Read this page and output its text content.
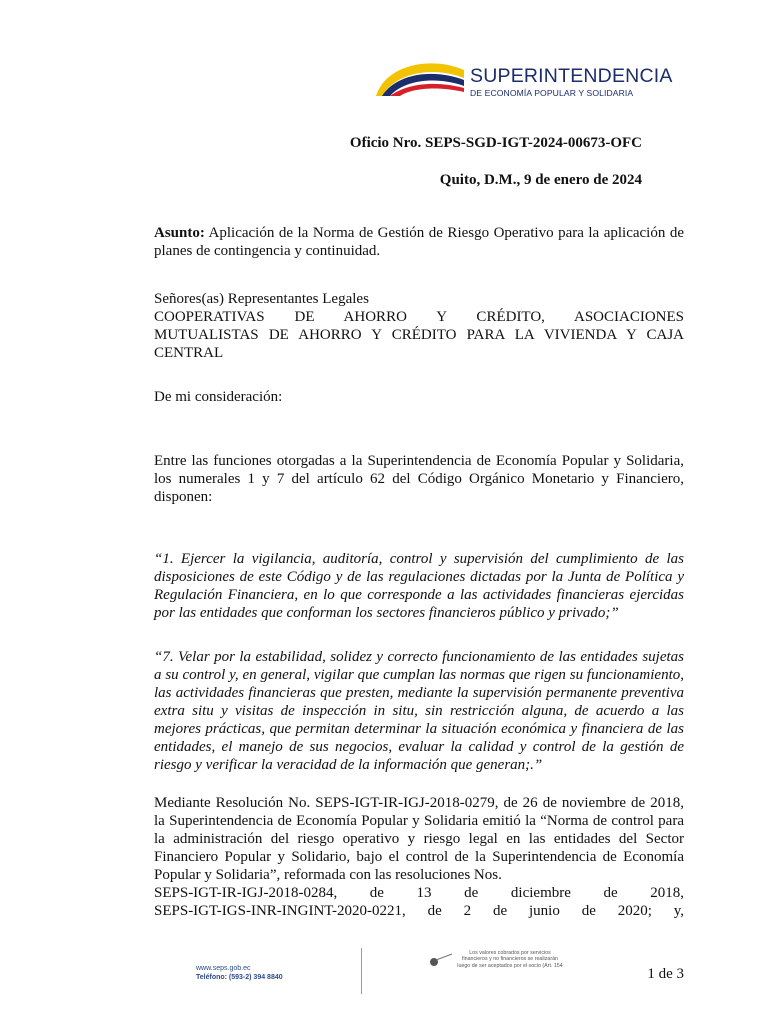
SUPERINTENDENCIA
DE ECONOMÍA POPULAR Y SOLIDARIA
Oficio Nro. SEPS-SGD-IGT-2024-00673-OFC
Quito, D.M., 9 de enero de 2024

Asunto: Aplicación de la Norma de Gestión de Riesgo Operativo para la aplicación de planes de contingencia y continuidad.

Señores(as) Representantes Legales

COOPERATIVAS DE AHORRO Y CRÉDITO, ASOCIACIONES

MUTUALISTAS DE AHORRO Y CRÉDITO PARA LA VIVIENDA Y CAJA

CENTRAL

De mi consideración:
Entre las funciones otorgadas a la Superintendencia de Economía Popular y Solidaria, los numerales 1 y 7 del artículo 62 del Código Orgánico Monetario y Financiero, disponen:
“1. Ejercer la vigilancia, auditoría, control y supervisión del cumplimiento de las disposiciones de este Código y de las regulaciones dictadas por la Junta de Política y Regulación Financiera, en lo que corresponde a las actividades financieras ejercidas por las entidades que conforman los sectores financieros público y privado;”
“7. Velar por la estabilidad, solidez y correcto funcionamiento de las entidades sujetas a su control y, en general, vigilar que cumplan las normas que rigen su funcionamiento, las actividades financieras que presten, mediante la supervisión permanente preventiva extra situ y visitas de inspección in situ, sin restricción alguna, de acuerdo a las mejores prácticas, que permitan determinar la situación económica y financiera de las entidades, el manejo de sus negocios, evaluar la calidad y control de la gestión de riesgo y verificar la veracidad de la información que generan;.”

Mediante Resolución No. SEPS-IGT-IR-IGJ-2018-0279, de 26 de noviembre de 2018, la Superintendencia de Economía Popular y Solidaria emitió la “Norma de control para la administración del riesgo operativo y riesgo legal en las entidades del Sector Financiero Popular y Solidario, bajo el control de la Superintendencia de Economía Popular y Solidaria”, reformada con las resoluciones Nos.

SEPS-IGT-IR-IGJ-2018-0284, de 13 de diciembre de 2018,

SEPS-IGT-IGS-INR-INGINT-2020-0221, de 2 de junio de 2020; y,

www.seps.gob.ec
Teléfono: (593-2) 394 8840
Los valores cobrados por servicios financieros y no financieros se realizarán luego de ser aceptados por el socio (Art. 154
1 de 3
